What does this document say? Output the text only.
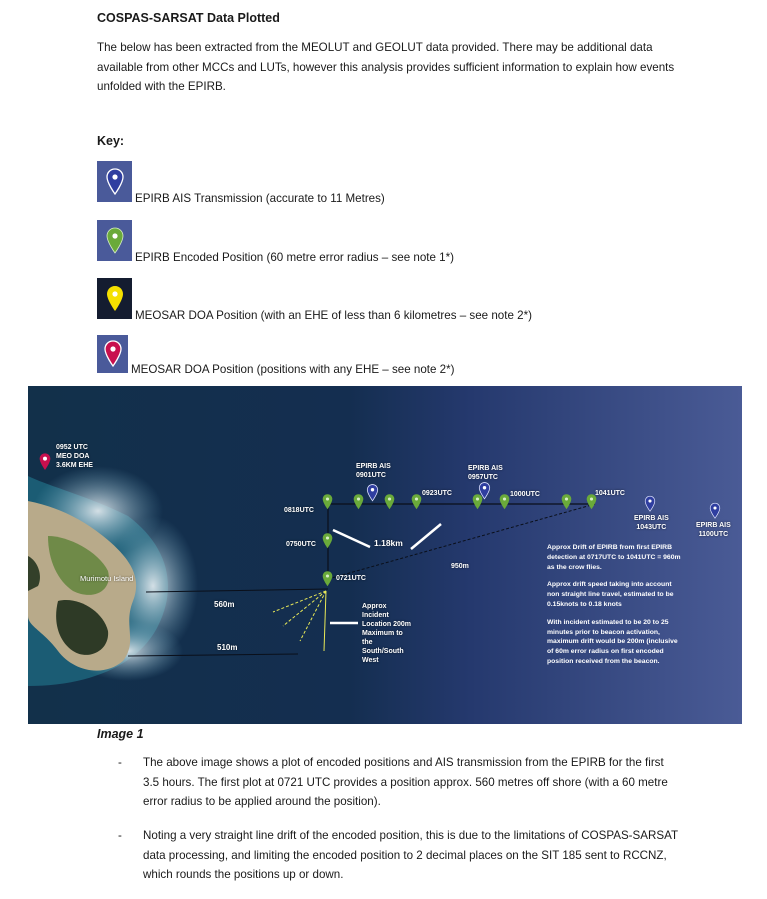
COSPAS-SARSAT Data Plotted
The below has been extracted from the MEOLUT and GEOLUT data provided. There may be additional data available from other MCCs and LUTs, however this analysis provides sufficient information to explain how events unfolded with the EPIRB.
Key:
EPIRB AIS Transmission (accurate to 11 Metres)
EPIRB Encoded Position (60 metre error radius – see note 1*)
MEOSAR DOA Position (with an EHE of less than 6 kilometres – see note 2*)
MEOSAR DOA Position (positions with any EHE – see note 2*)
0952 UTC
MEO DOA
3.6KM EHE
Murimotu Island
0818UTC
0750UTC
0721UTC
0923UTC	1000UTC	1041UTC
EPIRB AIS
0901UTC
EPIRB AIS
0957UTC
EPIRB AIS
1043UTC	EPIRB AIS
1100UTC
1.18km
950m
560m
510m
Approx
Incident
Location 200m
Maximum to
the
South/South
West

Approx Drift of EPIRB from first EPIRB detection at 0717UTC to 1041UTC = 960m as the crow flies.

Approx drift speed taking into account non straight line travel, estimated to be 0.15knots to 0.18 knots

With incident estimated to be 20 to 25 minutes prior to beacon activation, maximum drift would be 200m (inclusive of 60m error radius on first encoded position received from the beacon.

Image 1
- The above image shows a plot of encoded positions and AIS transmission from the EPIRB for the first 3.5 hours. The first plot at 0721 UTC provides a position approx. 560 metres off shore (with a 60 metre error radius to be applied around the position).
- Noting a very straight line drift of the encoded position, this is due to the limitations of COSPAS-SARSAT data processing, and limiting the encoded position to 2 decimal places on the SIT 185 sent to RCCNZ, which rounds the positions up or down.
